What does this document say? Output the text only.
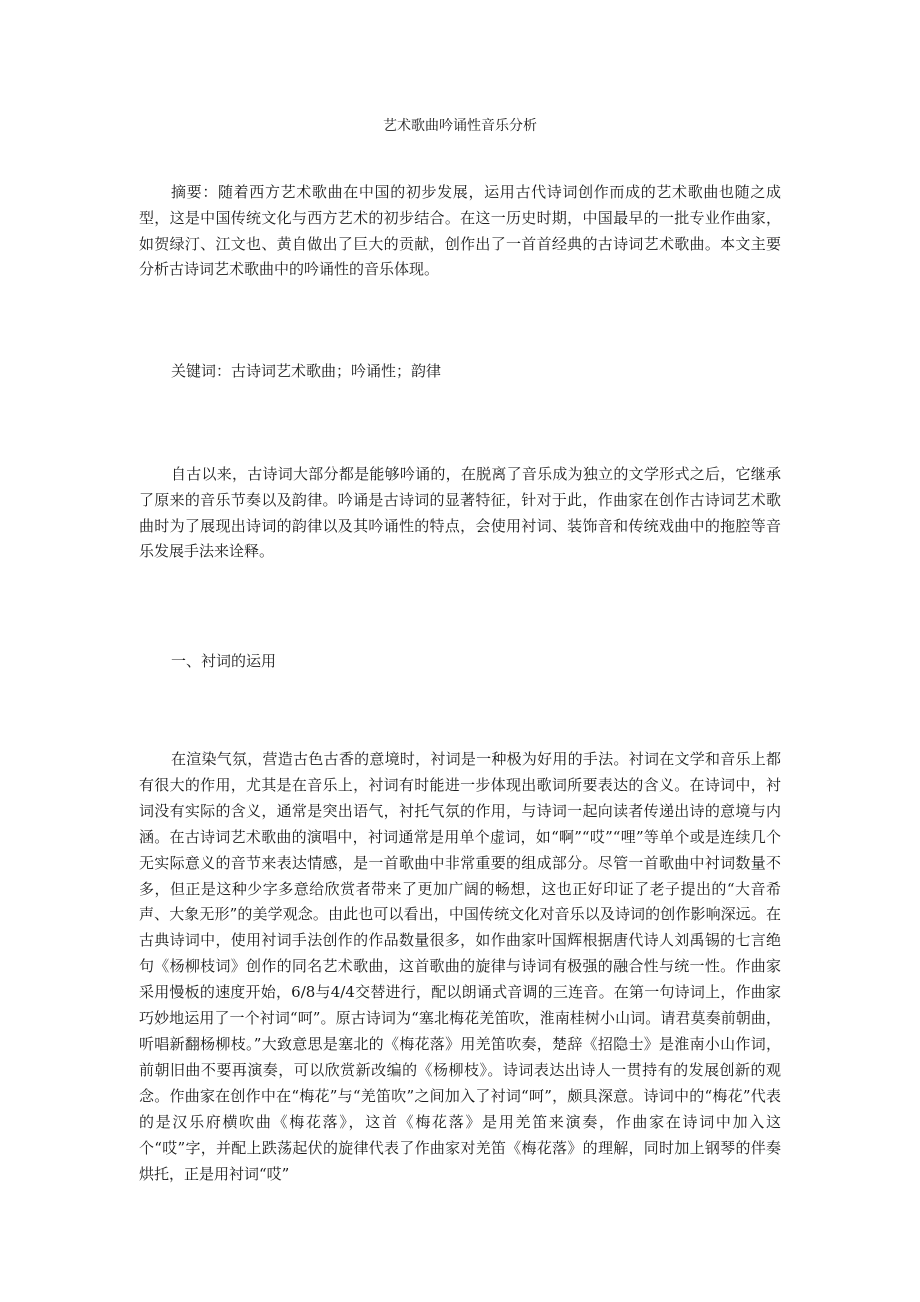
艺术歌曲吟诵性音乐分析

摘要：随着西方艺术歌曲在中国的初步发展，运用古代诗词创作而成的艺术歌曲也随之成型，这是中国传统文化与西方艺术的初步结合。在这一历史时期，中国最早的一批专业作曲家，如贺绿汀、江文也、黄自做出了巨大的贡献，创作出了一首首经典的古诗词艺术歌曲。本文主要分析古诗词艺术歌曲中的吟诵性的音乐体现。

关键词：古诗词艺术歌曲；吟诵性；韵律

自古以来，古诗词大部分都是能够吟诵的，在脱离了音乐成为独立的文学形式之后，它继承了原来的音乐节奏以及韵律。吟诵是古诗词的显著特征，针对于此，作曲家在创作古诗词艺术歌曲时为了展现出诗词的韵律以及其吟诵性的特点，会使用衬词、装饰音和传统戏曲中的拖腔等音乐发展手法来诠释。

一、衬词的运用

在渲染气氛，营造古色古香的意境时，衬词是一种极为好用的手法。衬词在文学和音乐上都有很大的作用，尤其是在音乐上，衬词有时能进一步体现出歌词所要表达的含义。在诗词中，衬词没有实际的含义，通常是突出语气，衬托气氛的作用，与诗词一起向读者传递出诗的意境与内涵。在古诗词艺术歌曲的演唱中，衬词通常是用单个虚词，如“啊”“哎”“哩”等单个或是连续几个无实际意义的音节来表达情感，是一首歌曲中非常重要的组成部分。尽管一首歌曲中衬词数量不多，但正是这种少字多意给欣赏者带来了更加广阔的畅想，这也正好印证了老子提出的“大音希声、大象无形”的美学观念。由此也可以看出，中国传统文化对音乐以及诗词的创作影响深远。在古典诗词中，使用衬词手法创作的作品数量很多，如作曲家叶国辉根据唐代诗人刘禹锡的七言绝句《杨柳枝词》创作的同名艺术歌曲，这首歌曲的旋律与诗词有极强的融合性与统一性。作曲家采用慢板的速度开始，6/8与4/4交替进行，配以朗诵式音调的三连音。在第一句诗词上，作曲家巧妙地运用了一个衬词“呵”。原古诗词为“塞北梅花羌笛吹，淮南桂树小山词。请君莫奏前朝曲，听唱新翻杨柳枝。”大致意思是塞北的《梅花落》用羌笛吹奏，楚辞《招隐士》是淮南小山作词，前朝旧曲不要再演奏，可以欣赏新改编的《杨柳枝》。诗词表达出诗人一贯持有的发展创新的观念。作曲家在创作中在“梅花”与“羌笛吹”之间加入了衬词“呵”，颇具深意。诗词中的“梅花”代表的是汉乐府横吹曲《梅花落》，这首《梅花落》是用羌笛来演奏，作曲家在诗词中加入这个“哎”字，并配上跌荡起伏的旋律代表了作曲家对羌笛《梅花落》的理解，同时加上钢琴的伴奏烘托，正是用衬词“哎”
